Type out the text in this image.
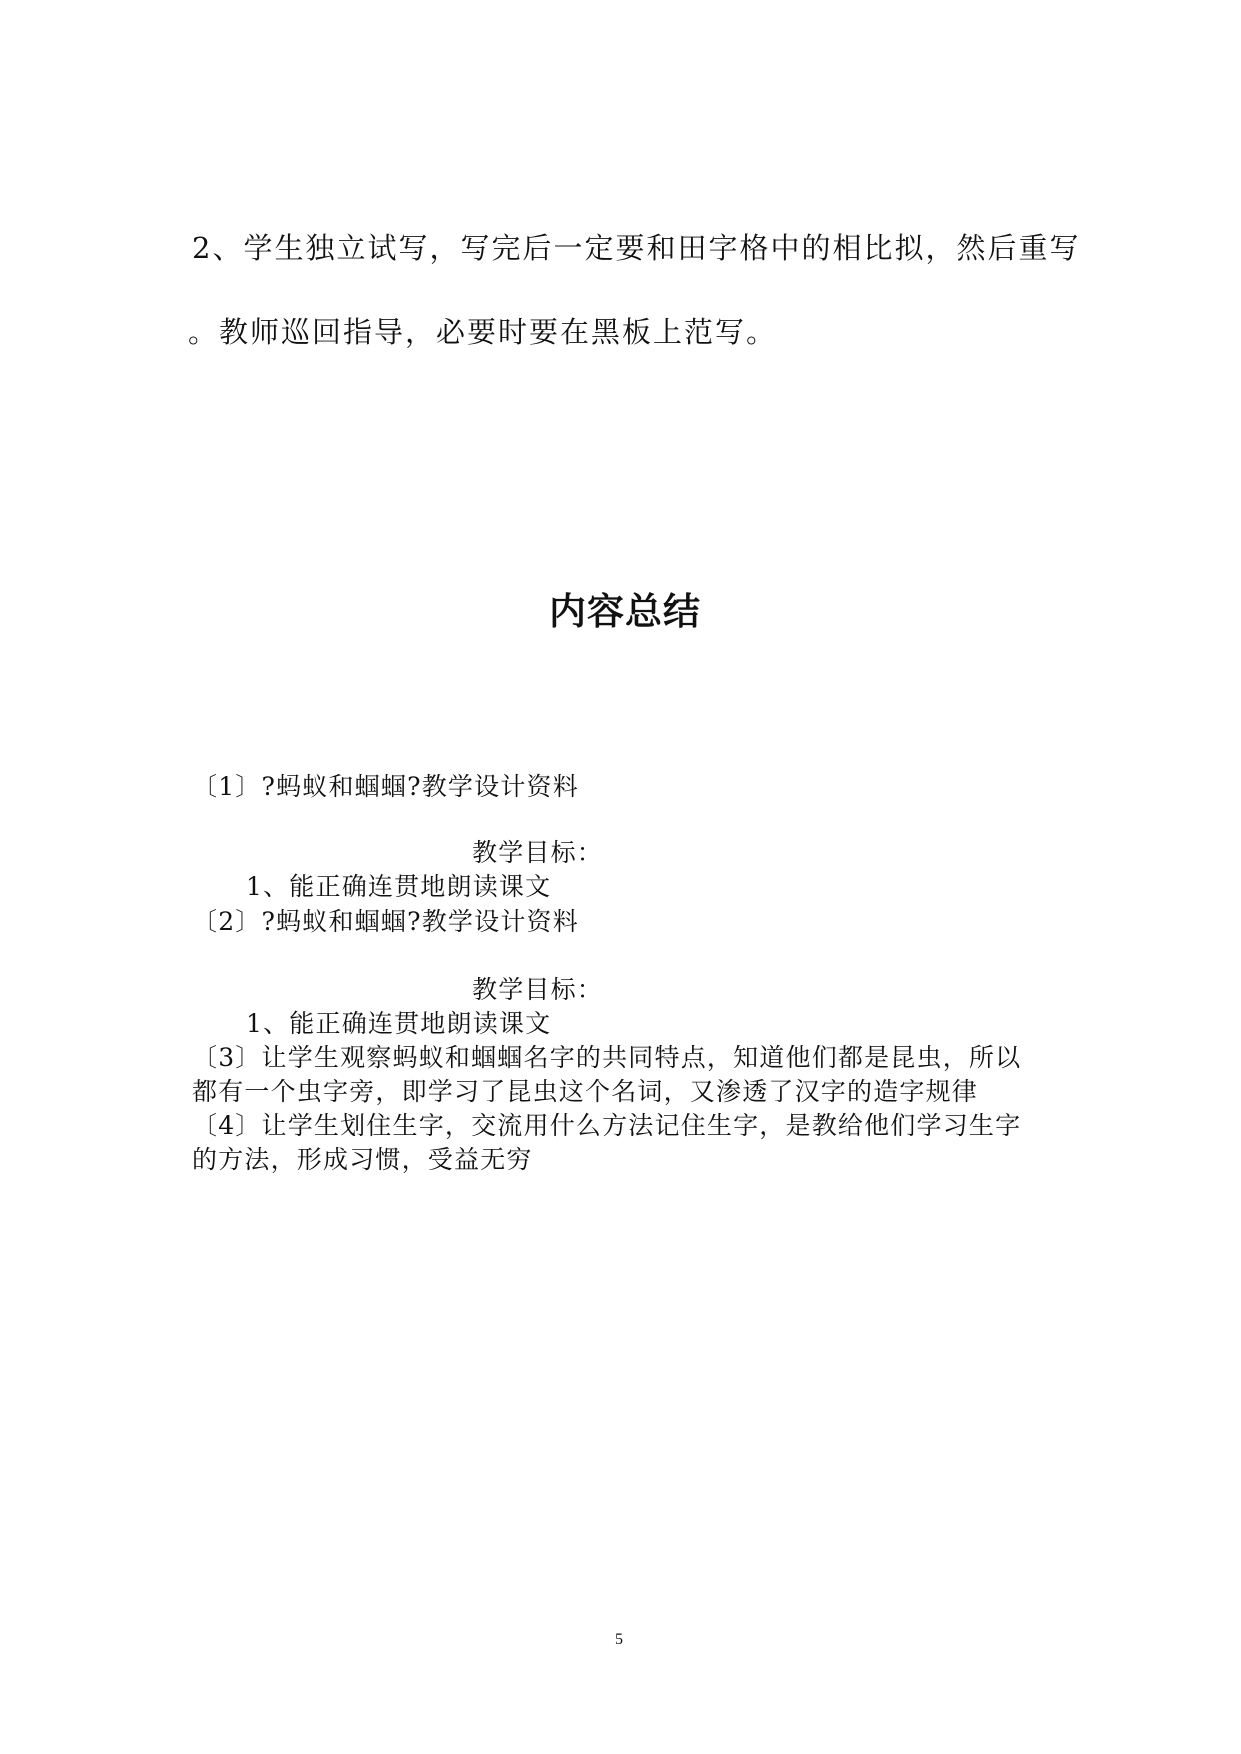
2、学生独立试写，写完后一定要和田字格中的相比拟，然后重写
。教师巡回指导，必要时要在黑板上范写。
内容总结
〔1〕?蚂蚁和蝈蝈?教学设计资料
教学目标：
1、能正确连贯地朗读课文
〔2〕?蚂蚁和蝈蝈?教学设计资料
教学目标：
1、能正确连贯地朗读课文
〔3〕让学生观察蚂蚁和蝈蝈名字的共同特点，知道他们都是昆虫，所以
都有一个虫字旁，即学习了昆虫这个名词，又渗透了汉字的造字规律
〔4〕让学生划住生字，交流用什么方法记住生字，是教给他们学习生字
的方法，形成习惯，受益无穷
5
